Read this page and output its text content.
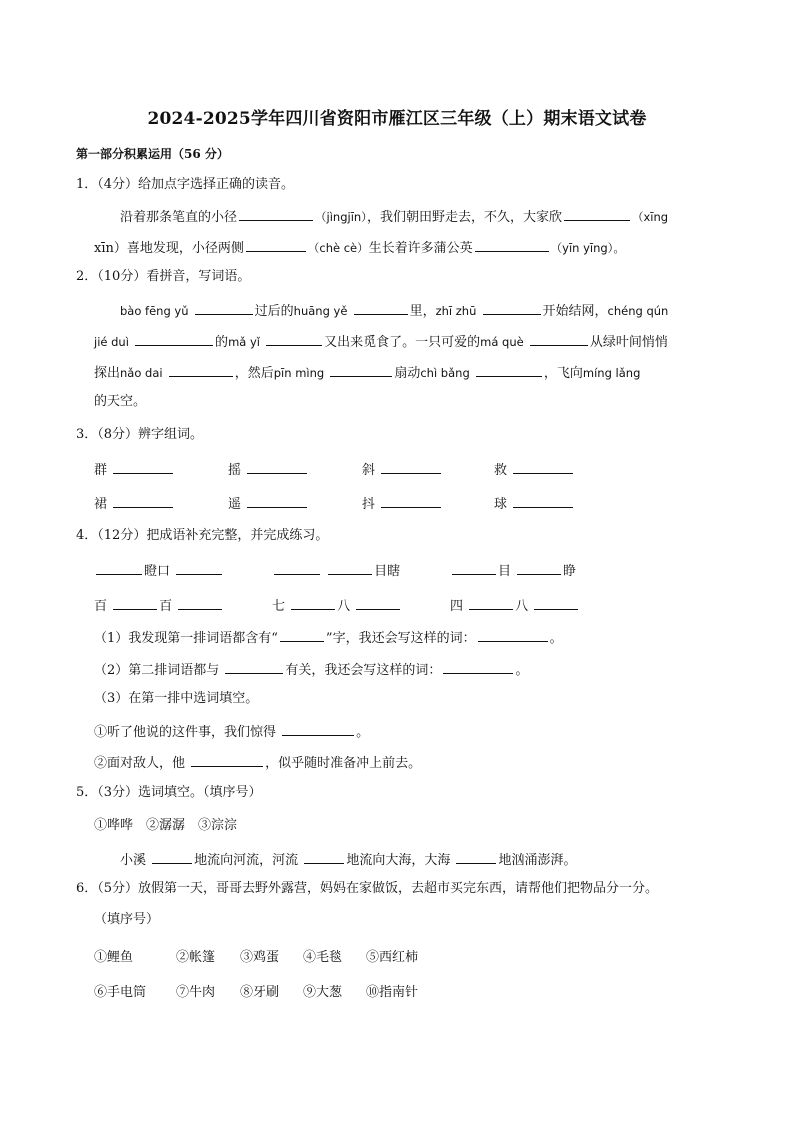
2024-2025学年四川省资阳市雁江区三年级（上）期末语文试卷
第一部分积累运用（56 分）
1．（4分）给加点字选择正确的读音。
沿着那条笔直的小径	（jìngjīn），我们朝田野走去，不久，大家欣	（xīng
xīn）喜地发现，小径两侧	（chè cè）生长着许多蒲公英	（yīn yīng）。
2．（10分）看拼音，写词语。
bào fēng yǔ	过后的huāng yě	里，zhī zhū	开始结网，chéng qún
jié duì	的mǎ yǐ	又出来觅食了。一只可爱的má què	从绿叶间悄悄
探出nǎo dai	，然后pīn mìng	扇动chì bǎng	，飞向míng lǎng
的天空。
3．（8分）辨字组词。
群	摇	斜	救
裙	遥	抖	球
4．（12分）把成语补充完整，并完成练习。
瞪口	目瞎	目	睁
百	百	七	八	四	八
（1）我发现第一排词语都含有“	”字，我还会写这样的词：	。
（2）第二排词语都与	有关，我还会写这样的词：	。
（3）在第一排中选词填空。
①听了他说的这件事，我们惊得	。
②面对敌人，他	，似乎随时准备冲上前去。
5．（3分）选词填空。（填序号）
①哗哗　②潺潺　③淙淙
小溪	地流向河流，河流	地流向大海，大海	地汹涌澎湃。
6．（5分）放假第一天，哥哥去野外露营，妈妈在家做饭，去超市买完东西，请帮他们把物品分一分。
（填序号）
①鲤鱼	②帐篷 ③鸡蛋 ④毛毯 ⑤西红柿
⑥手电筒 ⑦牛肉 ⑧牙刷 ⑨大葱 ⑩指南针
